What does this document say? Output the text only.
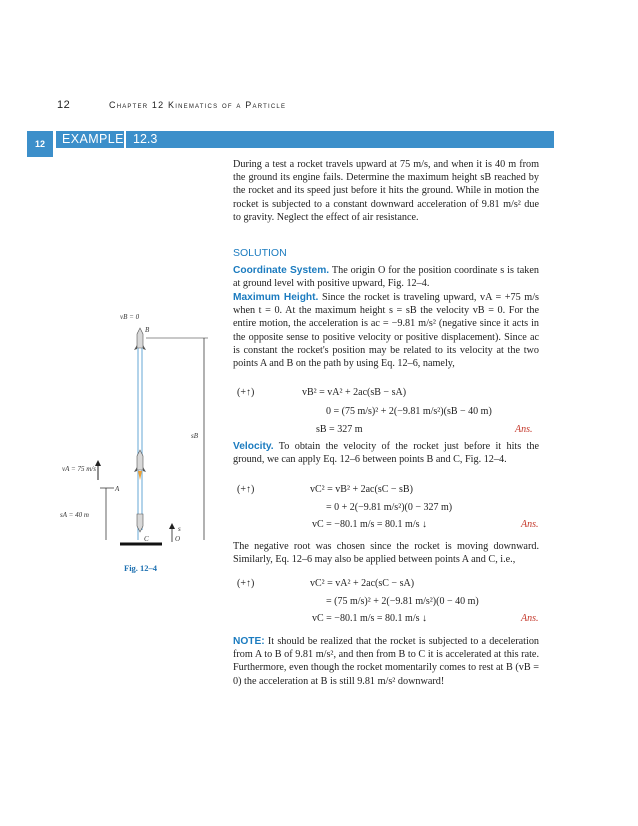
12	Chapter 12 Kinematics of a Particle
12	EXAMPLE 12.3
During a test a rocket travels upward at 75 m/s, and when it is 40 m from the ground its engine fails. Determine the maximum height sB reached by the rocket and its speed just before it hits the ground. While in motion the rocket is subjected to a constant downward acceleration of 9.81 m/s² due to gravity. Neglect the effect of air resistance.
SOLUTION
Coordinate System. The origin O for the position coordinate s is taken at ground level with positive upward, Fig. 12–4.
Maximum Height. Since the rocket is traveling upward, vA = +75 m/s when t = 0. At the maximum height s = sB the velocity vB = 0. For the entire motion, the acceleration is ac = −9.81 m/s² (negative since it acts in the opposite sense to positive velocity or positive displacement). Since ac is constant the rocket's position may be related to its velocity at the two points A and B on the path by using Eq. 12–6, namely,
(+↑)	vB² = vA² + 2ac(sB − sA)
0 = (75 m/s)² + 2(−9.81 m/s²)(sB − 40 m)
sB = 327 m	Ans.
Velocity. To obtain the velocity of the rocket just before it hits the ground, we can apply Eq. 12–6 between points B and C, Fig. 12–4.
(+↑)	vC² = vB² + 2ac(sC − sB)
= 0 + 2(−9.81 m/s²)(0 − 327 m)
vC = −80.1 m/s = 80.1 m/s ↓	Ans.
The negative root was chosen since the rocket is moving downward. Similarly, Eq. 12–6 may also be applied between points A and C, i.e.,
(+↑)	vC² = vA² + 2ac(sC − sA)
= (75 m/s)² + 2(−9.81 m/s²)(0 − 40 m)
vC = −80.1 m/s = 80.1 m/s ↓	Ans.
NOTE: It should be realized that the rocket is subjected to a deceleration from A to B of 9.81 m/s², and then from B to C it is accelerated at this rate. Furthermore, even though the rocket momentarily comes to rest at B (vB = 0) the acceleration at B is still 9.81 m/s² downward!
vB = 0
B
sB
vA = 75 m/s
A
sA = 40 m
C	O
s
Fig. 12–4
